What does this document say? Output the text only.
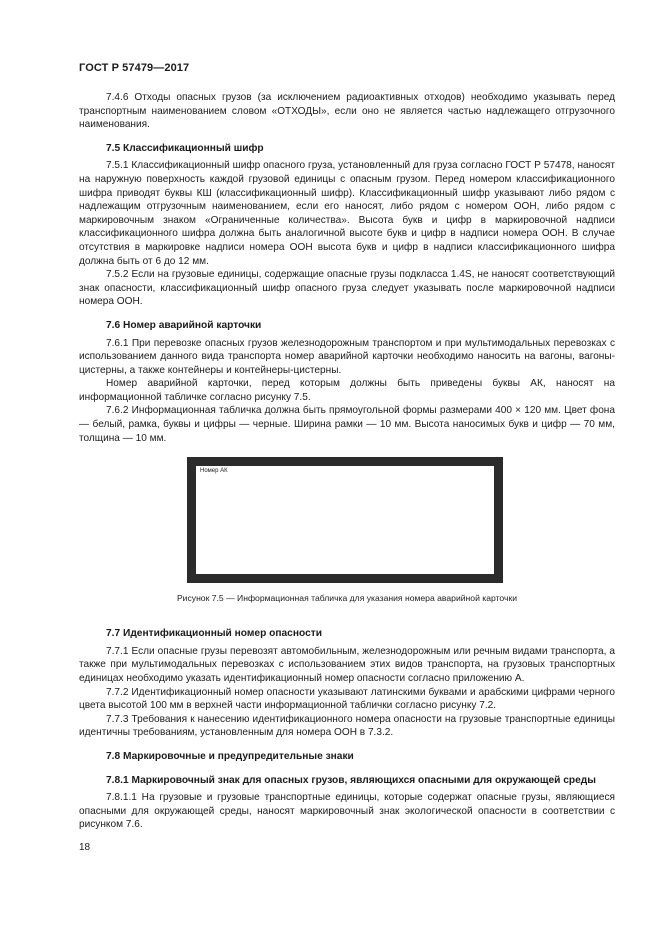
ГОСТ Р 57479—2017

7.4.6 Отходы опасных грузов (за исключением радиоактивных отходов) необходимо указывать перед транспортным наименованием словом «ОТХОДЫ», если оно не является частью надлежащего отгрузочного наименования.

7.5 Классификационный шифр

7.5.1 Классификационный шифр опасного груза, установленный для груза согласно ГОСТ Р 57478, наносят на наружную поверхность каждой грузовой единицы с опасным грузом. Перед номером классификационного шифра приводят буквы КШ (классификационный шифр). Классификационный шифр указывают либо рядом с надлежащим отгрузочным наименованием, если его наносят, либо рядом с номером ООН, либо рядом с маркировочным знаком «Ограниченные количества». Высота букв и цифр в маркировочной надписи классификационного шифра должна быть аналогичной высоте букв и цифр в надписи номера ООН. В случае отсутствия в маркировке надписи номера ООН высота букв и цифр в надписи классификационного шифра должна быть от 6 до 12 мм.

7.5.2 Если на грузовые единицы, содержащие опасные грузы подкласса 1.4S, не наносят соответствующий знак опасности, классификационный шифр опасного груза следует указывать после маркировочной надписи номера ООН.

7.6 Номер аварийной карточки

7.6.1 При перевозке опасных грузов железнодорожным транспортом и при мультимодальных перевозках с использованием данного вида транспорта номер аварийной карточки необходимо наносить на вагоны, вагоны-цистерны, а также контейнеры и контейнеры-цистерны.

Номер аварийной карточки, перед которым должны быть приведены буквы АК, наносят на информационной табличке согласно рисунку 7.5.

7.6.2 Информационная табличка должна быть прямоугольной формы размерами 400 × 120 мм. Цвет фона — белый, рамка, буквы и цифры — черные. Ширина рамки — 10 мм. Высота наносимых букв и цифр — 70 мм, толщина — 10 мм.

Номер АК
Рисунок 7.5 — Информационная табличка для указания номера аварийной карточки
7.7 Идентификационный номер опасности

7.7.1 Если опасные грузы перевозят автомобильным, железнодорожным или речным видами транспорта, а также при мультимодальных перевозках с использованием этих видов транспорта, на грузовых транспортных единицах необходимо указать идентификационный номер опасности согласно приложению А.

7.7.2 Идентификационный номер опасности указывают латинскими буквами и арабскими цифрами черного цвета высотой 100 мм в верхней части информационной таблички согласно рисунку 7.2.

7.7.3 Требования к нанесению идентификационного номера опасности на грузовые транспортные единицы идентичны требованиям, установленным для номера ООН в 7.3.2.

7.8 Маркировочные и предупредительные знаки
7.8.1 Маркировочный знак для опасных грузов, являющихся опасными для окружающей среды

7.8.1.1 На грузовые и грузовые транспортные единицы, которые содержат опасные грузы, являющиеся опасными для окружающей среды, наносят маркировочный знак экологической опасности в соответствии с рисунком 7.6.

18
